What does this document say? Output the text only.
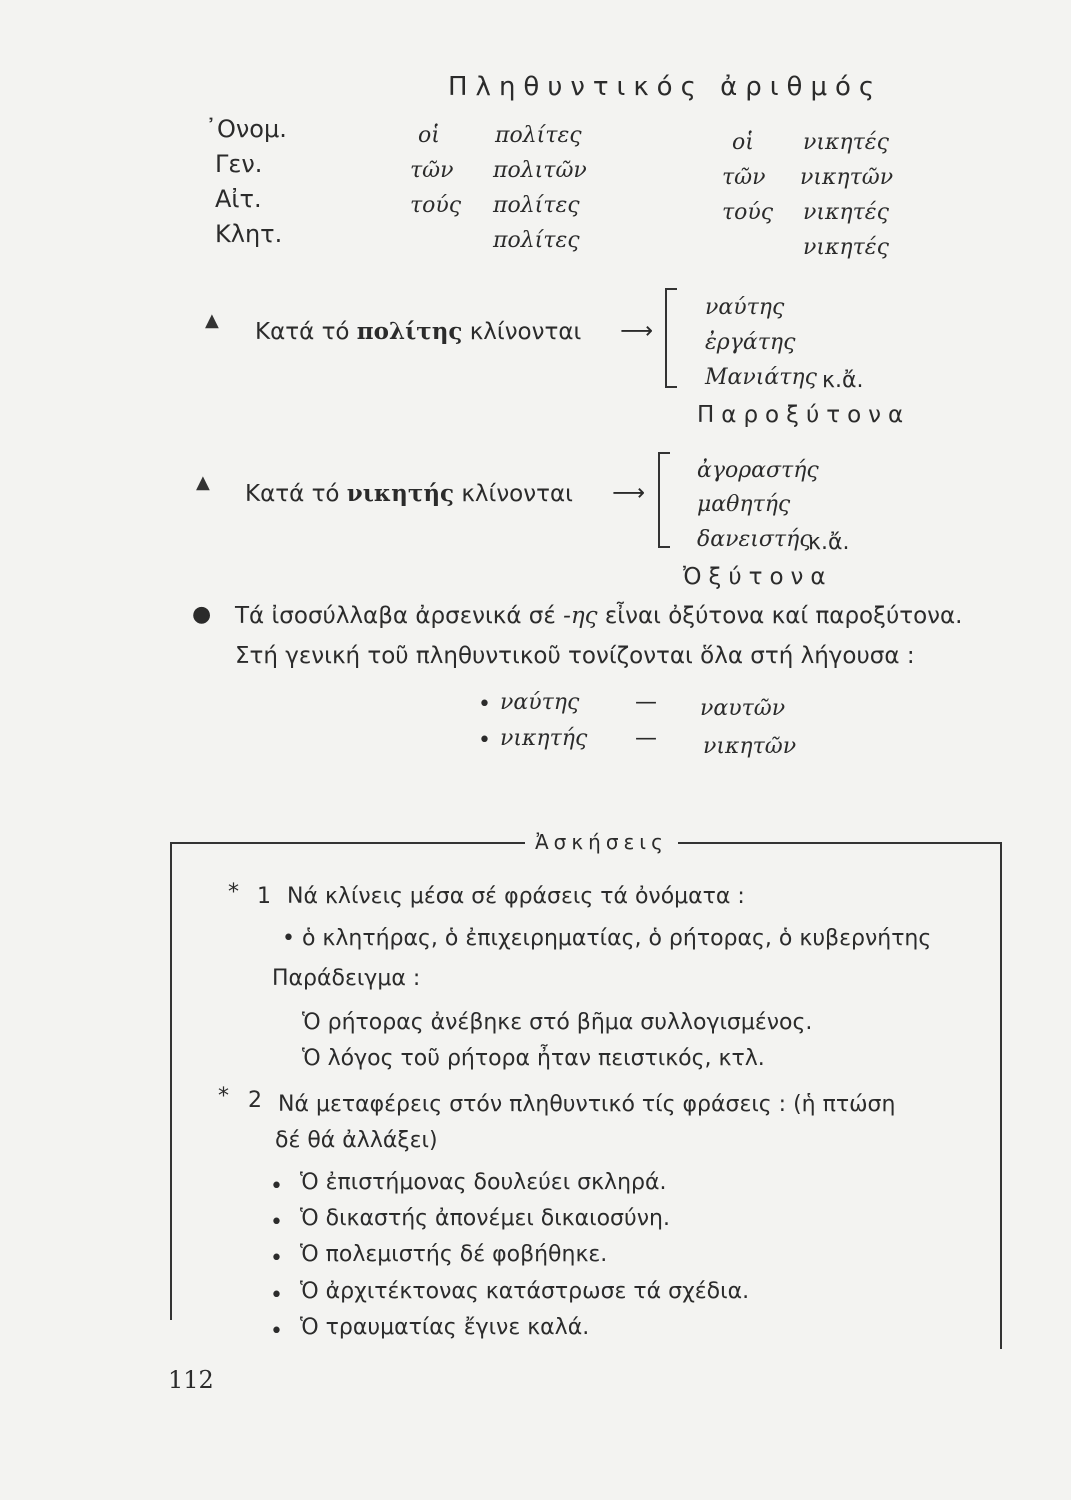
Πληθυντικός ἀριθμός
᾿Ονομ.
Γεν.
Αἰτ.
Κλητ.
οἱ
τῶν
τούς
πολίτες
πολιτῶν
πολίτες
πολίτες
οἱ
τῶν
τούς
νικητές
νικητῶν
νικητές
νικητές
▲ Κατά τό πολίτης κλίνονται ⟶
ναύτης
ἐργάτης
Μανιάτης κ.ἄ.
Παροξύτονα
▲ Κατά τό νικητής κλίνονται ⟶
ἀγοραστής
μαθητής
δανειστής
κ.ἄ.
Ὀξύτονα
● Τά ἰσοσύλλαβα ἀρσενικά σέ -ης εἶναι ὀξύτονα καί παροξύτονα.
Στή γενική τοῦ πληθυντικοῦ τονίζονται ὅλα στή λήγουσα :
• ναύτης	— ναυτῶν
• νικητής — νικητῶν
Ἀσκήσεις
* 1 Νά κλίνεις μέσα σέ φράσεις τά ὀνόματα :
• ὁ κλητήρας, ὁ ἐπιχειρηματίας, ὁ ρήτορας, ὁ κυβερνήτης
Παράδειγμα :
Ὁ ρήτορας ἀνέβηκε στό βῆμα συλλογισμένος.
Ὁ λόγος τοῦ ρήτορα ἦταν πειστικός, κτλ.
* 2 Νά μεταφέρεις στόν πληθυντικό τίς φράσεις : (ἡ πτώση
δέ θά ἀλλάξει)
• Ὁ ἐπιστήμονας δουλεύει σκληρά.
• Ὁ δικαστής ἀπονέμει δικαιοσύνη.
• Ὁ πολεμιστής δέ φοβήθηκε.
• Ὁ ἀρχιτέκτονας κατάστρωσε τά σχέδια.
• Ὁ τραυματίας ἔγινε καλά.
112
